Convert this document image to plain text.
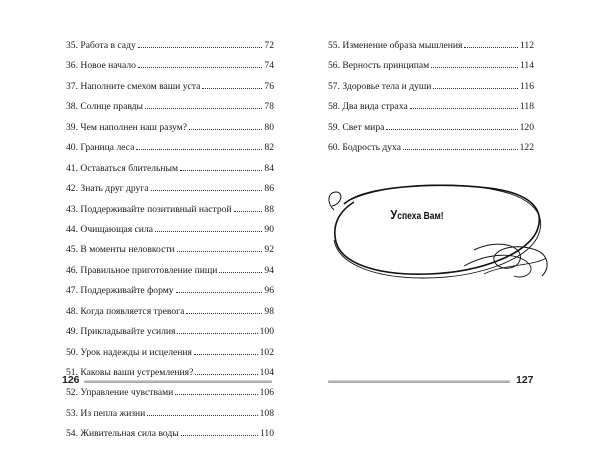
35. Работа в саду	72
36. Новое начало	74
37. Наполните смехом ваши уста	76
38. Солнце правды	78
39. Чем наполнен наш разум?	80
40. Граница леса	82
41. Оставаться блительным	84
42. Знать друг друга	86
43. Поддерживайте позитивный настрой	88
44. Очищающая сила	90
45. В моменты неловкости	92
46. Правильное приготовление пищи	94
47. Поддерживайте форму	96
48. Когда появляется тревога	98
49. Прикладывайте усилия	100
50. Урок надежды и исцеления	102
51. Каковы ваши устремления?	104
52. Управление чувствами	106
53. Из пепла жизни	108
54. Живительная сила воды	110
126
55. Изменение образа мышления	112
56. Верность принципам	114
57. Здоровье тела и души	116
58. Два вида страха	118
59. Свет мира	120
60. Бодрость духа	122
Успеха Вам!
127
